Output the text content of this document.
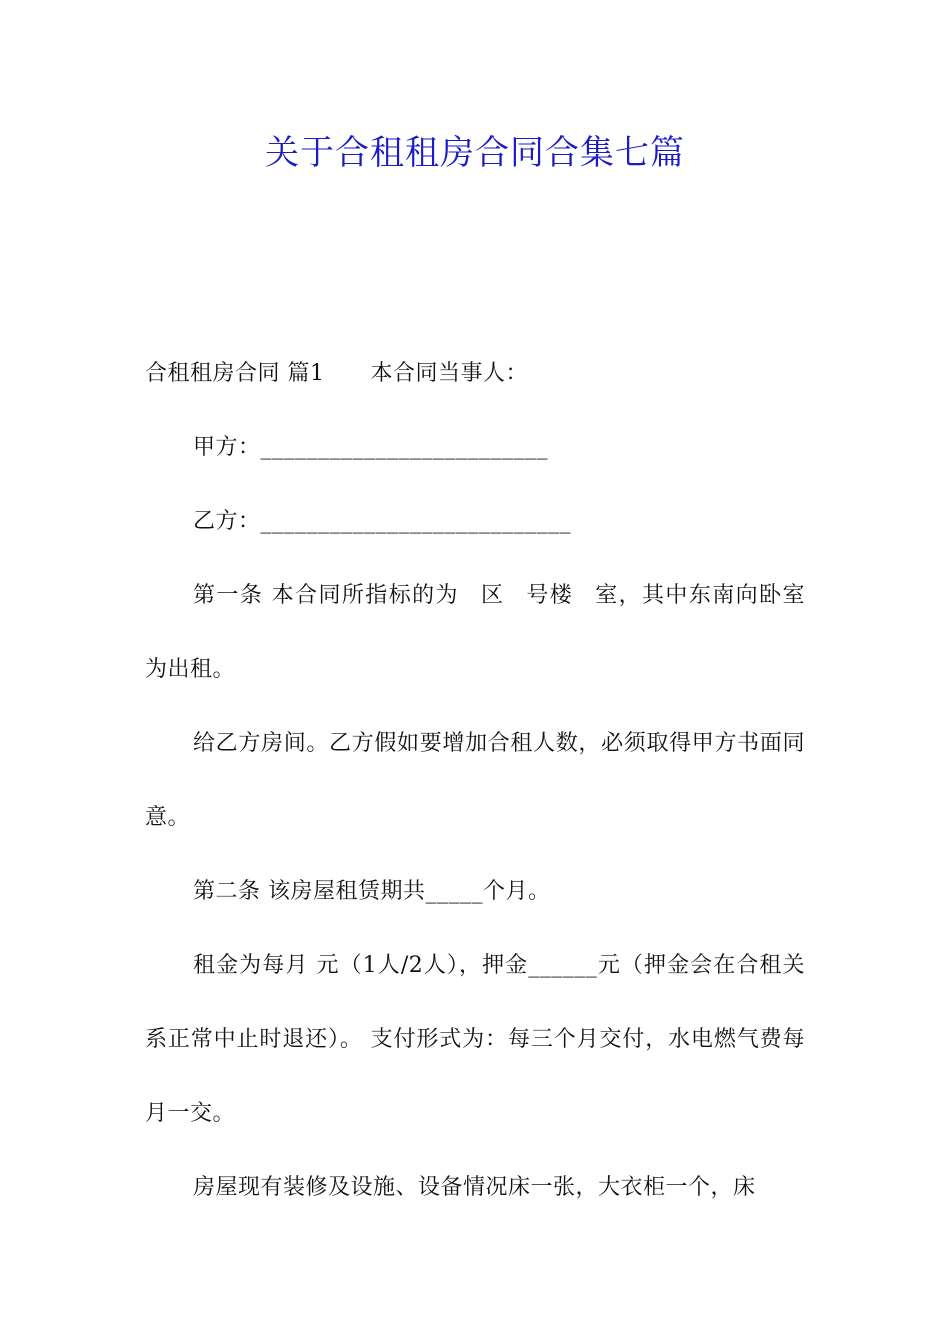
关于合租租房合同合集七篇

合租租房合同 篇1 本合同当事人：

甲方：_________________________

乙方：___________________________

第一条 本合同所指标的为 区 号楼 室，其中东南向卧室为出租。

给乙方房间。乙方假如要增加合租人数，必须取得甲方书面同意。

第二条 该房屋租赁期共_____个月。

租金为每月 元（1人/2人），押金______元（押金会在合租关系正常中止时退还）。 支付形式为：每三个月交付，水电燃气费每月一交。

房屋现有装修及设施、设备情况床一张，大衣柜一个，床
